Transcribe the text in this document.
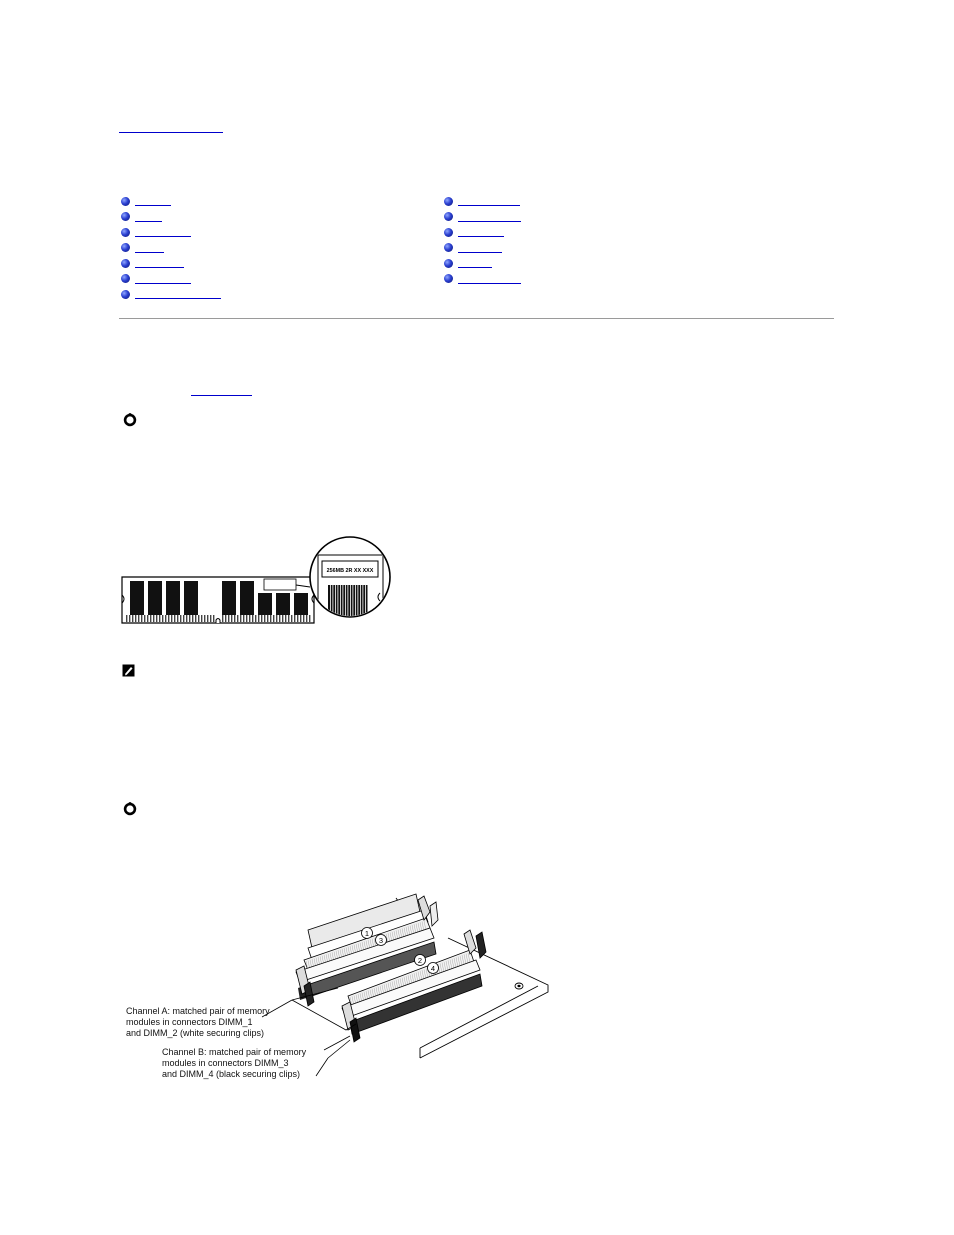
256MB 2R XX XXX
1
3
2
4
Channel A: matched pair of memory
modules in connectors DIMM_1
and DIMM_2 (white securing clips)
Channel B: matched pair of memory
modules in connectors DIMM_3
and DIMM_4 (black securing clips)
